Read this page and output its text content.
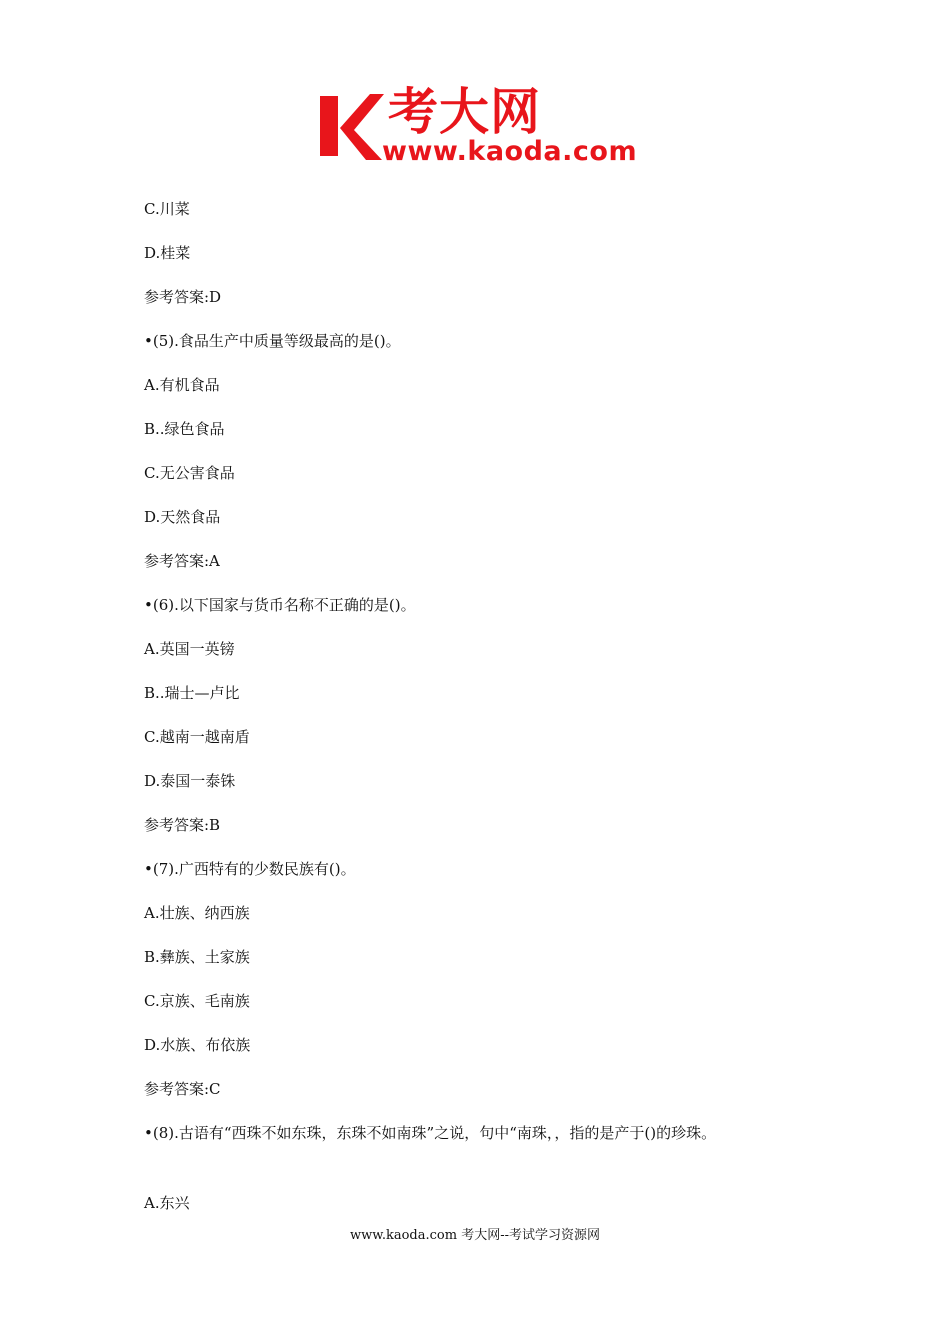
考大网
www.kaoda.com
C.川菜
D.桂菜
参考答案:D
•(5).食品生产中质量等级最高的是()。
A.有机食品
B..绿色食品
C.无公害食品
D.天然食品
参考答案:A
•(6).以下国家与货币名称不正确的是()。
A.英国一英镑
B..瑞士—卢比
C.越南一越南盾
D.泰国一泰铢
参考答案:B
•(7).广西特有的少数民族有()。
A.壮族、纳西族
B.彝族、土家族
C.京族、毛南族
D.水族、布依族
参考答案:C
•(8).古语有“西珠不如东珠，东珠不如南珠”之说，句中“南珠，，指的是产于()的珍珠。
A.东兴
www.kaoda.com 考大网--考试学习资源网
